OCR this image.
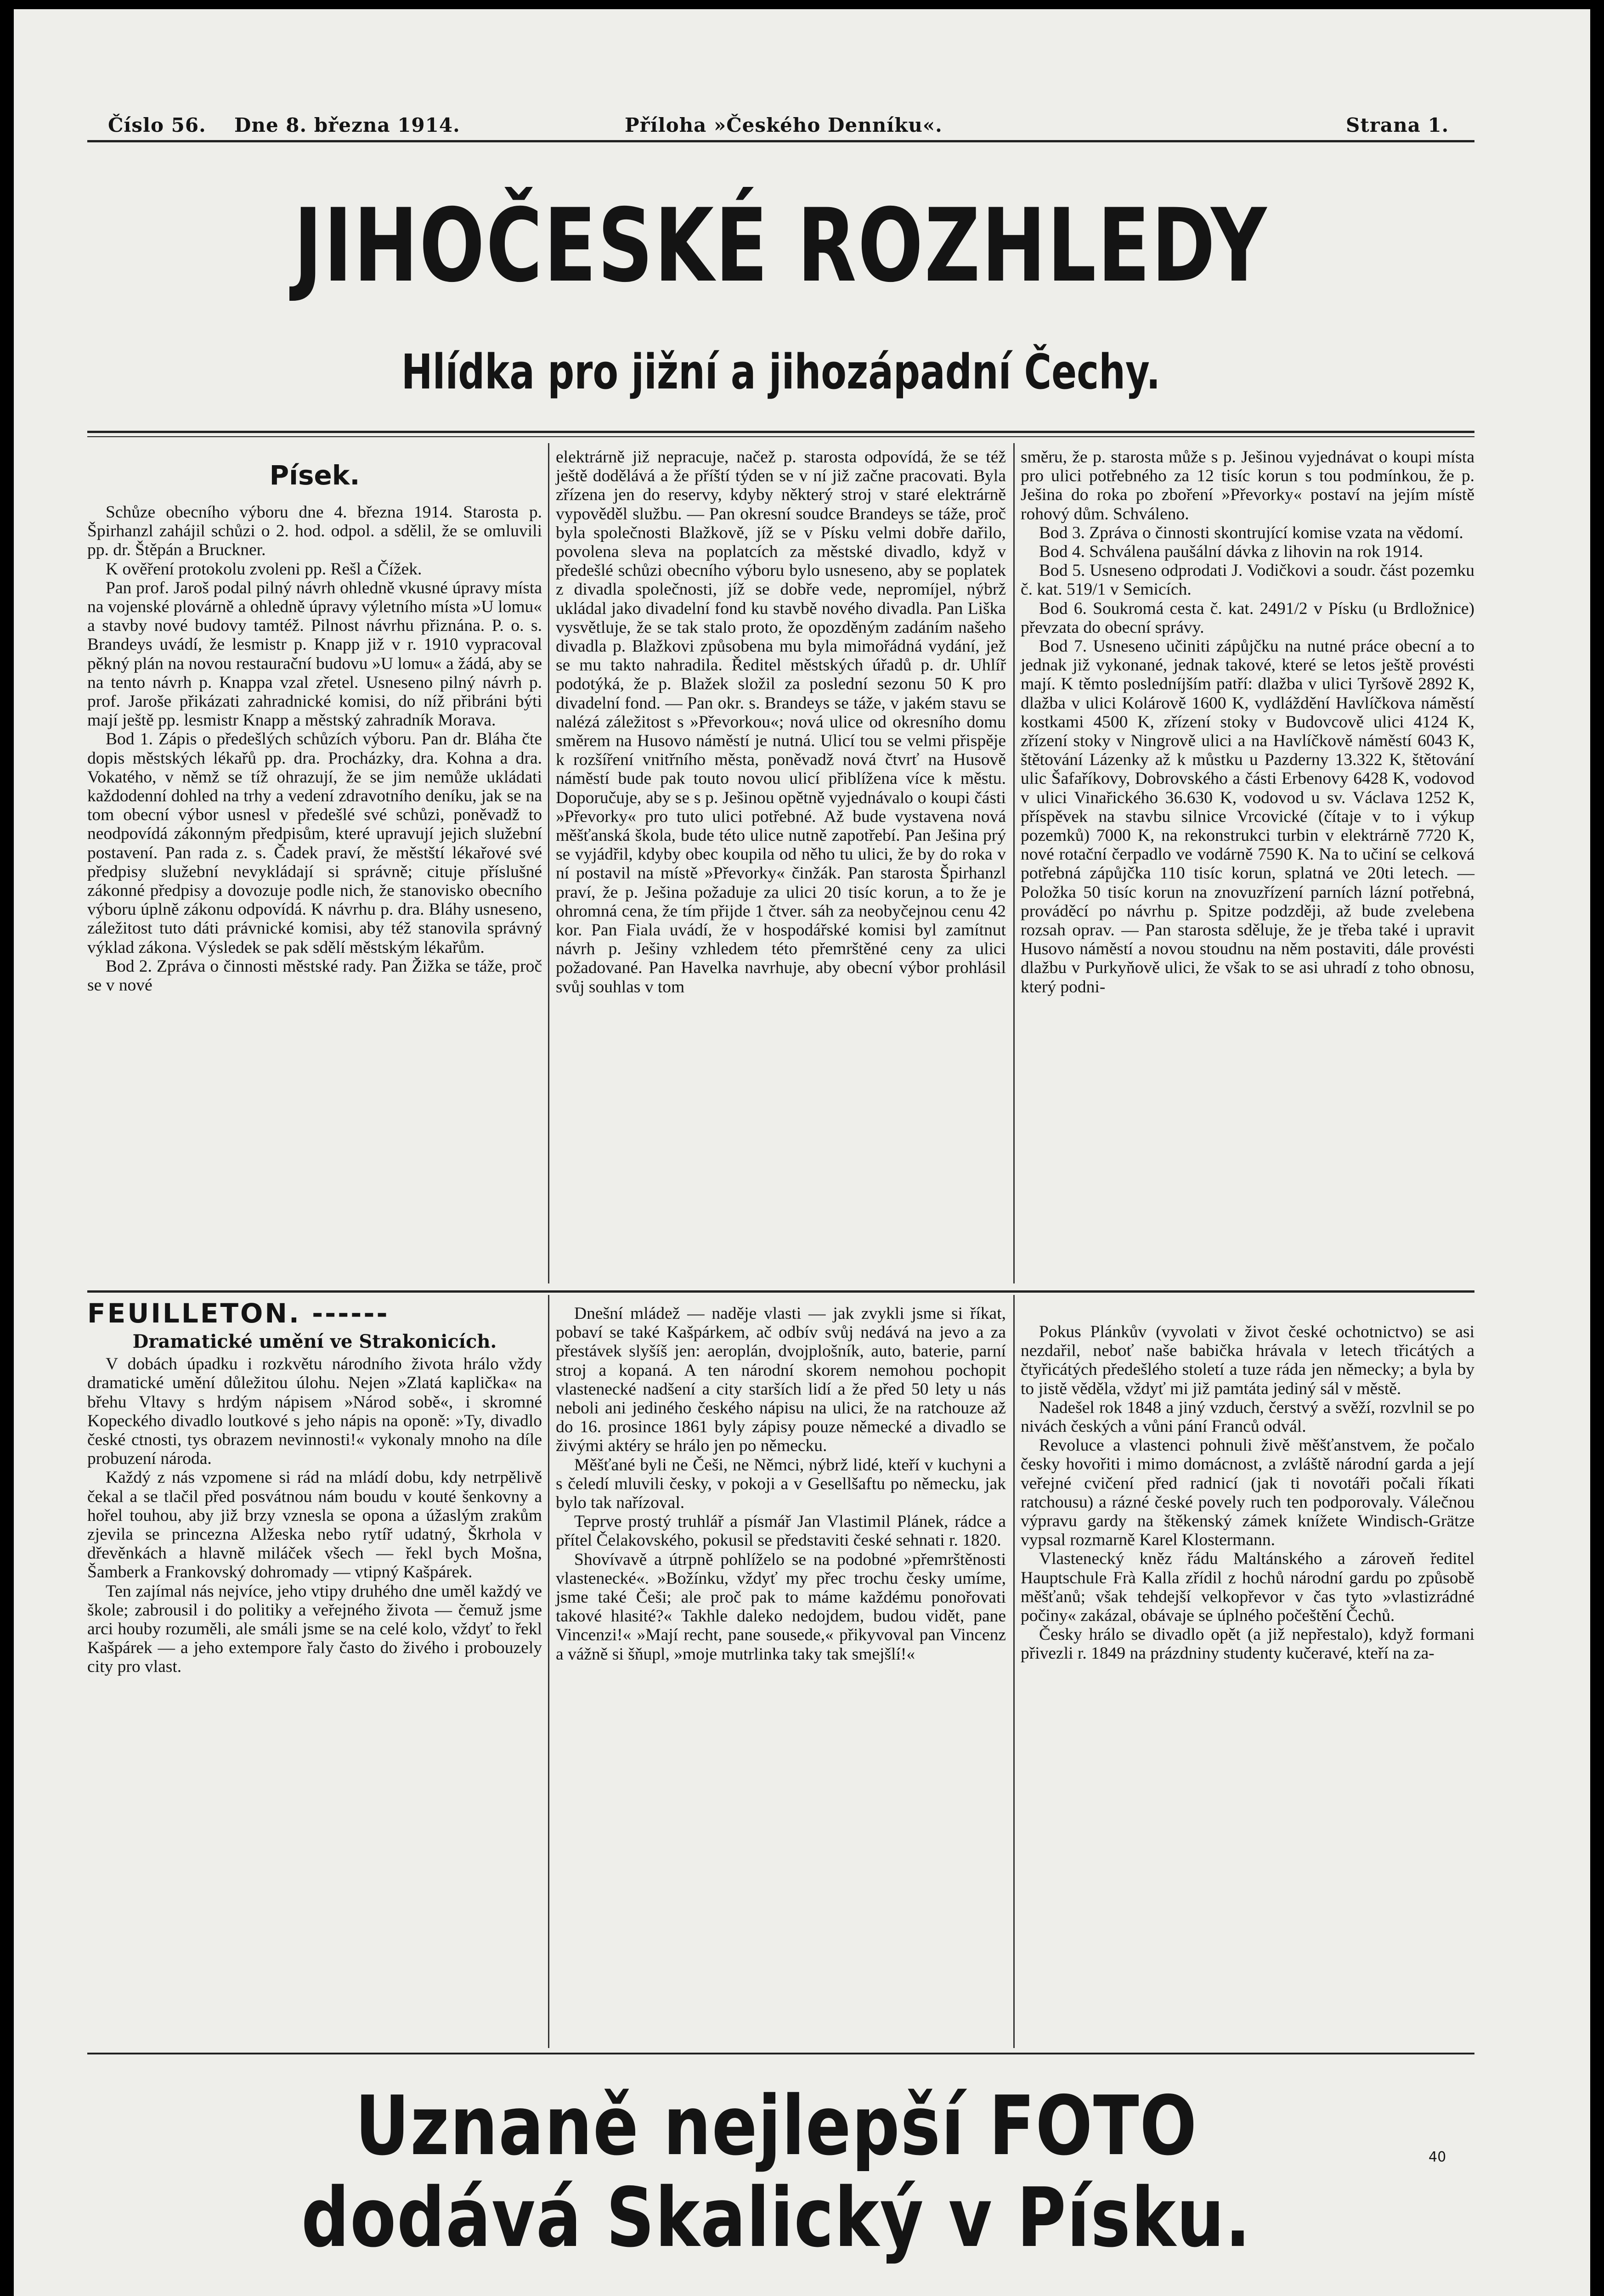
Číslo 56. Dne 8. března 1914.	Příloha »Českého Denníku«.	Strana 1.
JIHOČESKÉ ROZHLEDY
Hlídka pro jižní a jihozápadní Čechy.
Písek.

Schůze obecního výboru dne 4. března 1914. Starosta p. Špirhanzl zahájil schůzi o 2. hod. odpol. a sdělil, že se omluvili pp. dr. Štěpán a Bruckner.

K ověření protokolu zvoleni pp. Rešl a Čížek.

Pan prof. Jaroš podal pilný návrh ohledně vkusné úpravy místa na vojenské plovárně a ohledně úpravy výletního místa »U lomu« a stavby nové budovy tamtéž. Pilnost návrhu přiznána. P. o. s. Brandeys uvádí, že lesmistr p. Knapp již v r. 1910 vypracoval pěkný plán na novou restaurační budovu »U lomu« a žádá, aby se na tento návrh p. Knappa vzal zřetel. Usneseno pilný návrh p. prof. Jaroše přikázati zahradnické komisi, do níž přibráni býti mají ještě pp. lesmistr Knapp a městský zahradník Morava.

Bod 1. Zápis o předešlých schůzích výboru. Pan dr. Bláha čte dopis městských lékařů pp. dra. Procházky, dra. Kohna a dra. Vokatého, v němž se tíž ohrazují, že se jim nemůže ukládati každodenní dohled na trhy a vedení zdravotního deníku, jak se na tom obecní výbor usnesl v předešlé své schůzi, poněvadž to neodpovídá zákonným předpisům, které upravují jejich služební postavení. Pan rada z. s. Čadek praví, že městští lékařové své předpisy služební nevykládají si správně; cituje příslušné zákonné předpisy a dovozuje podle nich, že stanovisko obecního výboru úplně zákonu odpovídá. K návrhu p. dra. Bláhy usneseno, záležitost tuto dáti právnické komisi, aby též stanovila správný výklad zákona. Výsledek se pak sdělí městským lékařům.

Bod 2. Zpráva o činnosti městské rady. Pan Žižka se táže, proč se v nové

elektrárně již nepracuje, načež p. starosta odpovídá, že se též ještě dodělává a že příští týden se v ní již začne pracovati. Byla zřízena jen do reservy, kdyby některý stroj v staré elektrárně vypověděl službu. — Pan okresní soudce Brandeys se táže, proč byla společnosti Blažkově, jíž se v Písku velmi dobře dařilo, povolena sleva na poplatcích za městské divadlo, když v předešlé schůzi obecního výboru bylo usneseno, aby se poplatek z divadla společnosti, jíž se dobře vede, nepromíjel, nýbrž ukládal jako divadelní fond ku stavbě nového divadla. Pan Liška vysvětluje, že se tak stalo proto, že opozděným zadáním našeho divadla p. Blažkovi způsobena mu byla mimořádná vydání, jež se mu takto nahradila. Ředitel městských úřadů p. dr. Uhlíř podotýká, že p. Blažek složil za poslední sezonu 50 K pro divadelní fond. — Pan okr. s. Brandeys se táže, v jakém stavu se nalézá záležitost s »Převorkou«; nová ulice od okresního domu směrem na Husovo náměstí je nutná. Ulicí tou se velmi přispěje k rozšíření vnitřního města, poněvadž nová čtvrť na Husově náměstí bude pak touto novou ulicí přiblížena více k městu. Doporučuje, aby se s p. Ješinou opětně vyjednávalo o koupi části »Převorky« pro tuto ulici potřebné. Až bude vystavena nová měšťanská škola, bude této ulice nutně zapotřebí. Pan Ješina prý se vyjádřil, kdyby obec koupila od něho tu ulici, že by do roka v ní postavil na místě »Převorky« činžák. Pan starosta Špirhanzl praví, že p. Ješina požaduje za ulici 20 tisíc korun, a to že je ohromná cena, že tím přijde 1 čtver. sáh za neobyčejnou cenu 42 kor. Pan Fiala uvádí, že v hospodářské komisi byl zamítnut návrh p. Ješiny vzhledem této přemrštěné ceny za ulici požadované. Pan Havelka navrhuje, aby obecní výbor prohlásil svůj souhlas v tom

směru, že p. starosta může s p. Ješinou vyjednávat o koupi místa pro ulici potřebného za 12 tisíc korun s tou podmínkou, že p. Ješina do roka po zboření »Převorky« postaví na jejím místě rohový dům. Schváleno.

Bod 3. Zpráva o činnosti skontrující komise vzata na vědomí.

Bod 4. Schválena paušální dávka z lihovin na rok 1914.

Bod 5. Usneseno odprodati J. Vodičkovi a soudr. část pozemku č. kat. 519/1 v Semicích.

Bod 6. Soukromá cesta č. kat. 2491/2 v Písku (u Brdložnice) převzata do obecní správy.

Bod 7. Usneseno učiniti zápůjčku na nutné práce obecní a to jednak již vykonané, jednak takové, které se letos ještě provésti mají. K těmto posledníjším patří: dlažba v ulici Tyršově 2892 K, dlažba v ulici Kolárově 1600 K, vydláždění Havlíčkova náměstí kostkami 4500 K, zřízení stoky v Budovcově ulici 4124 K, zřízení stoky v Ningrově ulici a na Havlíčkově náměstí 6043 K, štětování Lázenky až k můstku u Pazderny 13.322 K, štětování ulic Šafaříkovy, Dobrovského a části Erbenovy 6428 K, vodovod v ulici Vinařického 36.630 K, vodovod u sv. Václava 1252 K, příspěvek na stavbu silnice Vrcovické (čítaje v to i výkup pozemků) 7000 K, na rekonstrukci turbin v elektrárně 7720 K, nové rotační čerpadlo ve vodárně 7590 K. Na to učiní se celková potřebná zápůjčka 110 tisíc korun, splatná ve 20ti letech. — Položka 50 tisíc korun na znovuzřízení parních lázní potřebná, prováděcí po návrhu p. Spitze podzději, až bude zvelebena rozsah oprav. — Pan starosta sděluje, že je třeba také i upravit Husovo náměstí a novou stoudnu na něm postaviti, dále provésti dlažbu v Purkyňově ulici, že však to se asi uhradí z toho obnosu, který podni-

FEUILLETON. ------
Dramatické umění ve Strakonicích.

V dobách úpadku i rozkvětu národního života hrálo vždy dramatické umění důležitou úlohu. Nejen »Zlatá kaplička« na břehu Vltavy s hrdým nápisem »Národ sobě«, i skromné Kopeckého divadlo loutkové s jeho nápis na oponě: »Ty, divadlo české ctnosti, tys obrazem nevinnosti!« vykonaly mnoho na díle probuzení národa.

Každý z nás vzpomene si rád na mládí dobu, kdy netrpělivě čekal a se tlačil před posvátnou nám boudu v kouté šenkovny a hořel touhou, aby již brzy vznesla se opona a úžaslým zrakům zjevila se princezna Alžeska nebo rytíř udatný, Škrhola v dřevěnkách a hlavně miláček všech — řekl bych Mošna, Šamberk a Frankovský dohromady — vtipný Kašpárek.

Ten zajímal nás nejvíce, jeho vtipy druhého dne uměl každý ve škole; zabrousil i do politiky a veřejného života — čemuž jsme arci houby rozuměli, ale smáli jsme se na celé kolo, vždyť to řekl Kašpárek — a jeho extempore řaly často do živého i probouzely city pro vlast.

Dnešní mládež — naděje vlasti — jak zvykli jsme si říkat, pobaví se také Kašpárkem, ač odbív svůj nedává na jevo a za přestávek slyšíš jen: aeroplán, dvojplošník, auto, baterie, parní stroj a kopaná. A ten národní skorem nemohou pochopit vlastenecké nadšení a city starších lidí a že před 50 lety u nás neboli ani jediného českého nápisu na ulici, že na ratchouze až do 16. prosince 1861 byly zápisy pouze německé a divadlo se živými aktéry se hrálo jen po německu.

Měšťané byli ne Češi, ne Němci, nýbrž lidé, kteří v kuchyni a s čeledí mluvili česky, v pokoji a v Gesellšaftu po německu, jak bylo tak nařízoval.

Teprve prostý truhlář a písmář Jan Vlastimil Plánek, rádce a přítel Čelakovského, pokusil se představiti české sehnati r. 1820.

Shovívavě a útrpně pohlíželo se na podobné »přemrštěnosti vlastenecké«. »Božínku, vždyť my přec trochu česky umíme, jsme také Češi; ale proč pak to máme každému ponořovati takové hlasité?« Takhle daleko nedojdem, budou vidět, pane Vincenzi!« »Mají recht, pane sousede,« přikyvoval pan Vincenz a vážně si šňupl, »moje mutrlinka taky tak smejšlí!«

Pokus Plánkův (vyvolati v život české ochotnictvo) se asi nezdařil, neboť naše babička hrávala v letech třicátých a čtyřicátých předešlého století a tuze ráda jen německy; a byla by to jistě věděla, vždyť mi již pamtáta jediný sál v městě.

Nadešel rok 1848 a jiný vzduch, čerstvý a svěží, rozvlnil se po nivách českých a vůni pání Franců odvál.

Revoluce a vlastenci pohnuli živě měšťanstvem, že počalo česky hovořiti i mimo domácnost, a zvláště národní garda a její veřejné cvičení před radnicí (jak ti novotáři počali říkati ratchousu) a rázné české povely ruch ten podporovaly. Válečnou výpravu gardy na štěkenský zámek knížete Windisch-Grätze vypsal rozmarně Karel Klostermann.

Vlastenecký kněz řádu Maltánského a zároveň ředitel Hauptschule Frà Kalla zřídil z hochů národní gardu po způsobě měšťanů; však tehdejší velkopřevor v čas tyto »vlastizrádné počiny« zakázal, obávaje se úplného počeštění Čechů.

Česky hrálo se divadlo opět (a již nepřestalo), když formani přivezli r. 1849 na prázdniny studenty kučeravé, kteří na za-

Uznaně nejlepší FOTO dodává Skalický v Písku.
40
